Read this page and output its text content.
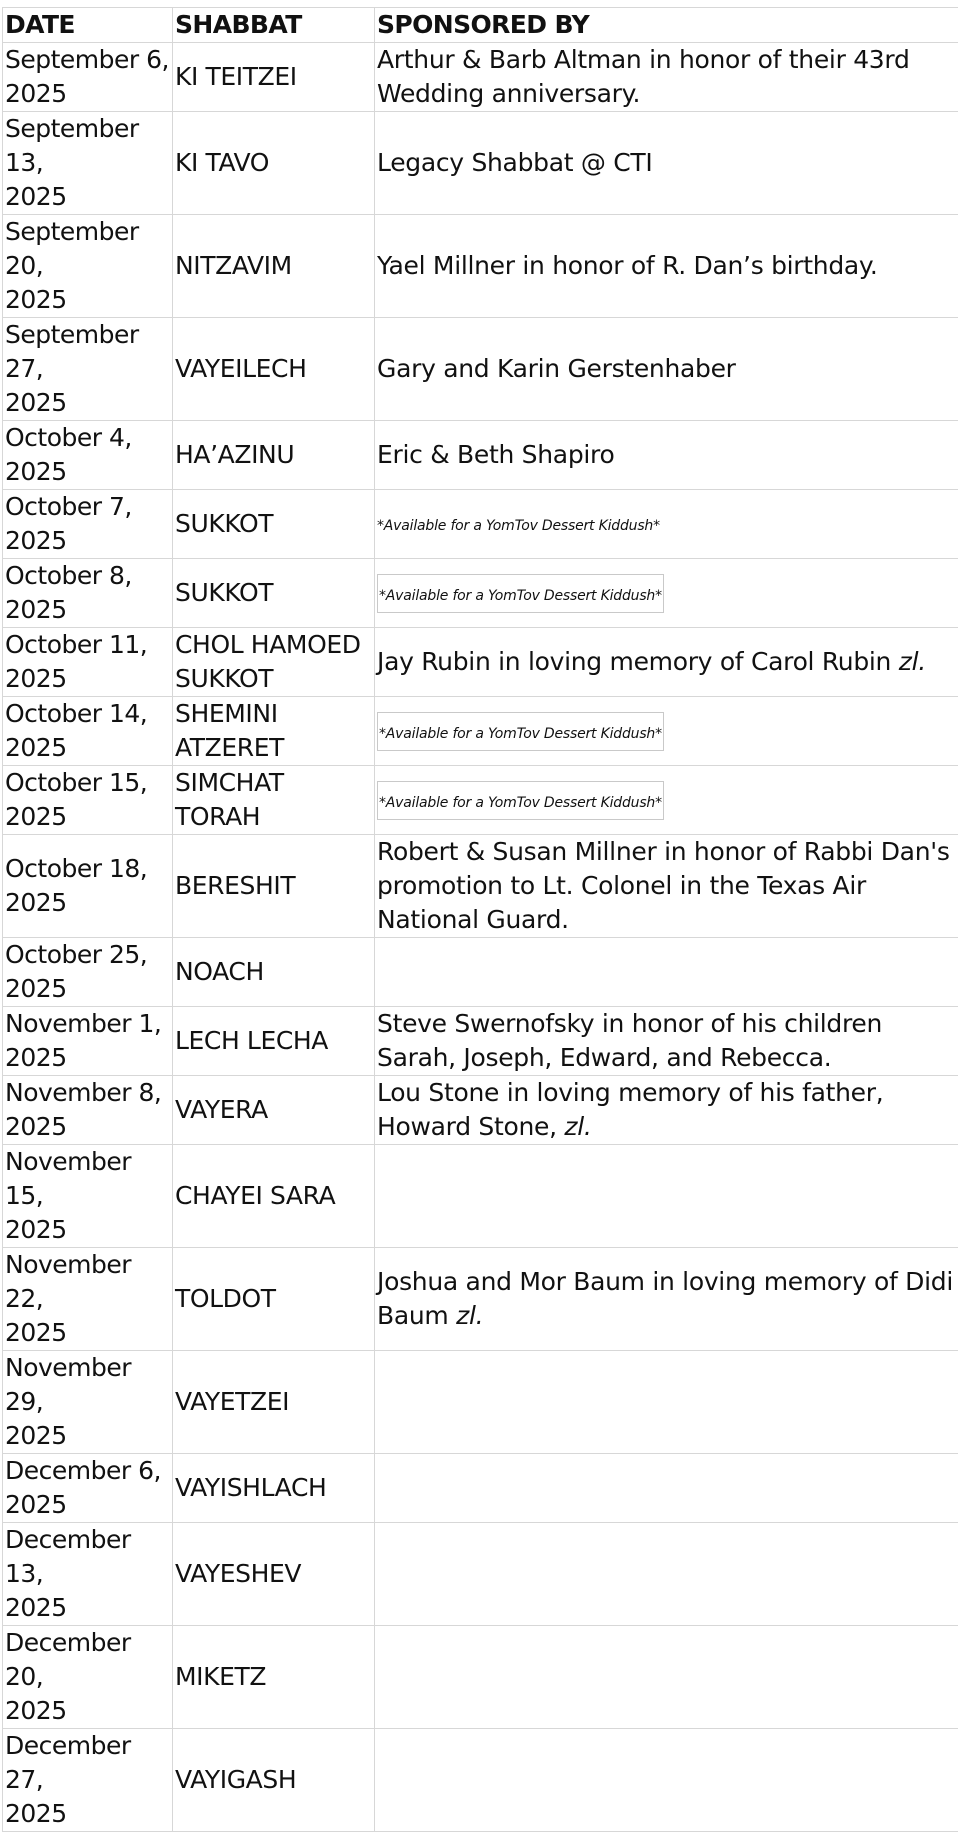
DATE	SHABBAT	SPONSORED BY
September 6,
2025	KI TEITZEI	Arthur & Barb Altman in honor of their 43rd Wedding anniversary.
September 13,
2025	KI TAVO	Legacy Shabbat @ CTI
September 20,
2025	NITZAVIM	Yael Millner in honor of R. Dan’s birthday.
September 27,
2025	VAYEILECH	Gary and Karin Gerstenhaber
October 4,
2025	HA’AZINU	Eric & Beth Shapiro
October 7,
2025	SUKKOT	*Available for a YomTov Dessert Kiddush*
October 8,
2025	SUKKOT	*Available for a YomTov Dessert Kiddush*
October 11,
2025	CHOL HAMOED SUKKOT	Jay Rubin in loving memory of Carol Rubin zl.
October 14,
2025	SHEMINI ATZERET	*Available for a YomTov Dessert Kiddush*
October 15,
2025	SIMCHAT TORAH	*Available for a YomTov Dessert Kiddush*
October 18,
2025	BERESHIT	Robert & Susan Millner in honor of Rabbi Dan's promotion to Lt. Colonel in the Texas Air National Guard.
October 25,
2025	NOACH	
November 1,
2025	LECH LECHA	Steve Swernofsky in honor of his children Sarah, Joseph, Edward, and Rebecca.
November 8,
2025	VAYERA	Lou Stone in loving memory of his father, Howard Stone, zl.
November 15,
2025	CHAYEI SARA	
November 22,
2025	TOLDOT	Joshua and Mor Baum in loving memory of Didi Baum zl.
November 29,
2025	VAYETZEI	
December 6,
2025	VAYISHLACH	
December 13,
2025	VAYESHEV	
December 20,
2025	MIKETZ	
December 27,
2025	VAYIGASH	
